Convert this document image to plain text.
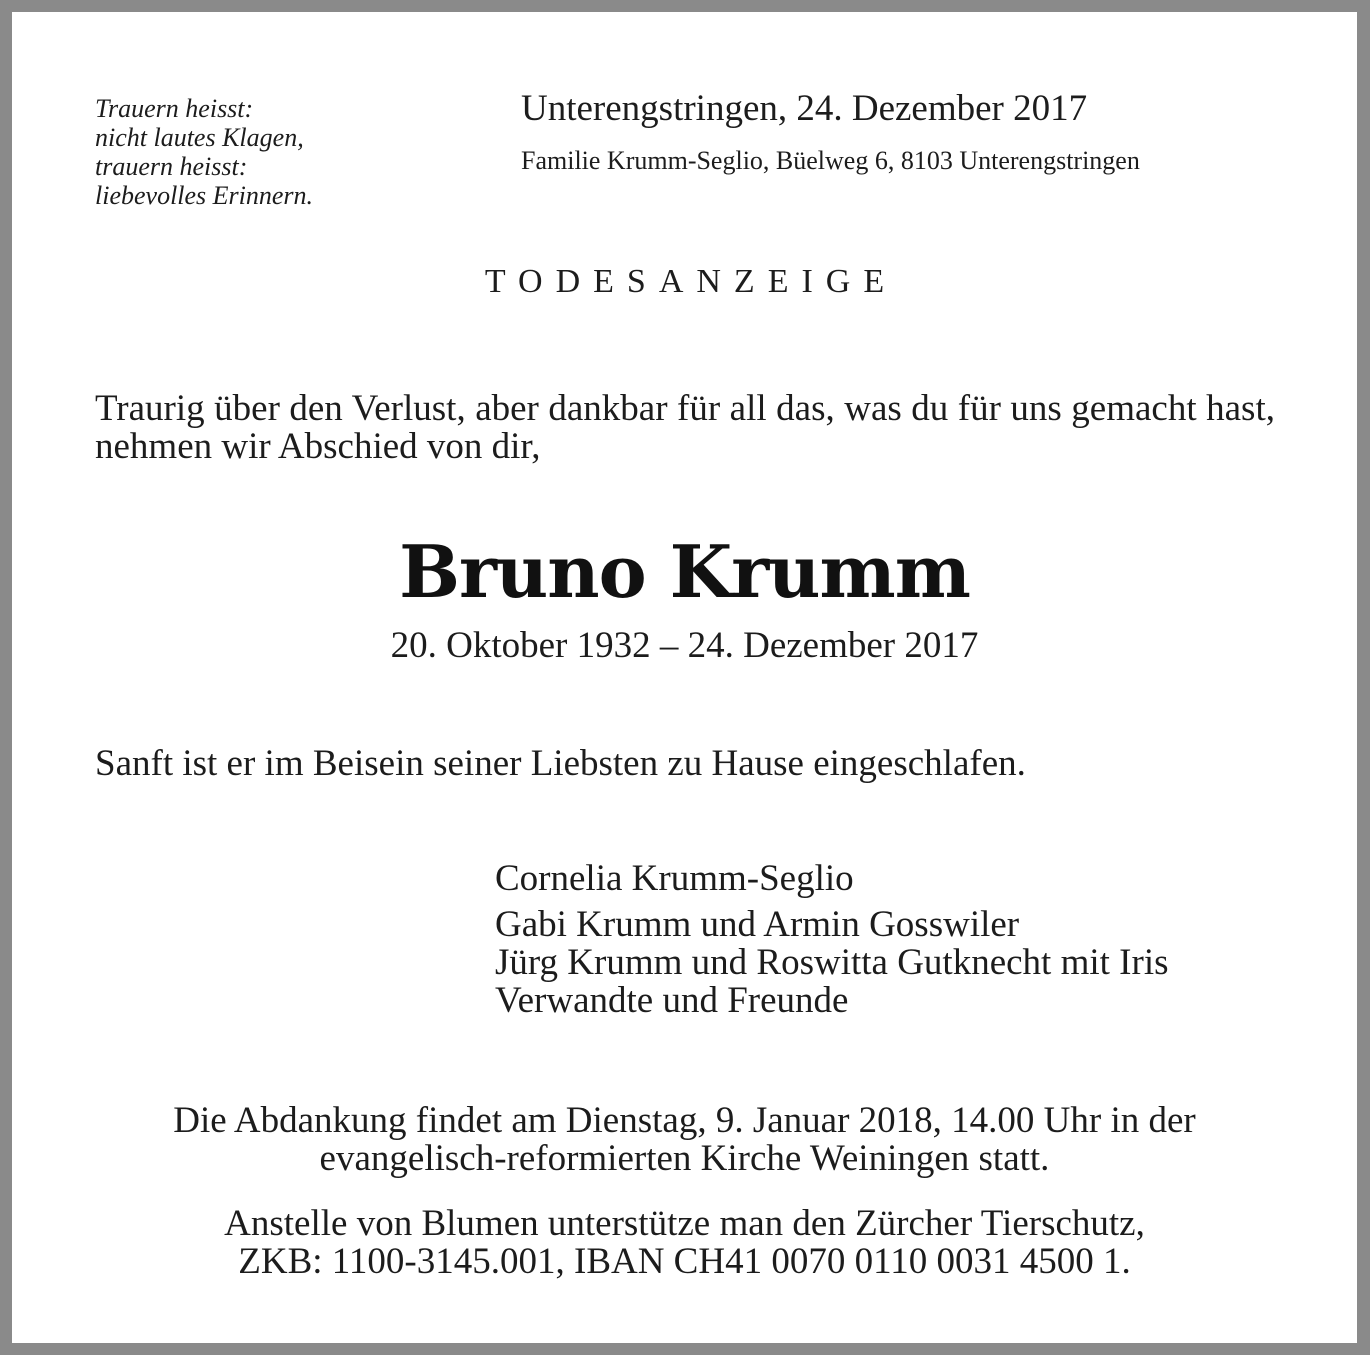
Trauern heisst:
nicht lautes Klagen,
trauern heisst:
liebevolles Erinnern.
Unterengstringen, 24. Dezember 2017
Familie Krumm-Seglio, Büelweg 6, 8103 Unterengstringen
TODESANZEIGE
Traurig über den Verlust, aber dankbar für all das, was du für uns gemacht hast, nehmen wir Abschied von dir,
Bruno Krumm
20. Oktober 1932 – 24. Dezember 2017
Sanft ist er im Beisein seiner Liebsten zu Hause eingeschlafen.
Cornelia Krumm-Seglio
Gabi Krumm und Armin Gosswiler
Jürg Krumm und Roswitta Gutknecht mit Iris
Verwandte und Freunde
Die Abdankung findet am Dienstag, 9. Januar 2018, 14.00 Uhr in der
evangelisch-reformierten Kirche Weiningen statt.
Anstelle von Blumen unterstütze man den Zürcher Tierschutz,
ZKB: 1100-3145.001, IBAN CH41 0070 0110 0031 4500 1.
